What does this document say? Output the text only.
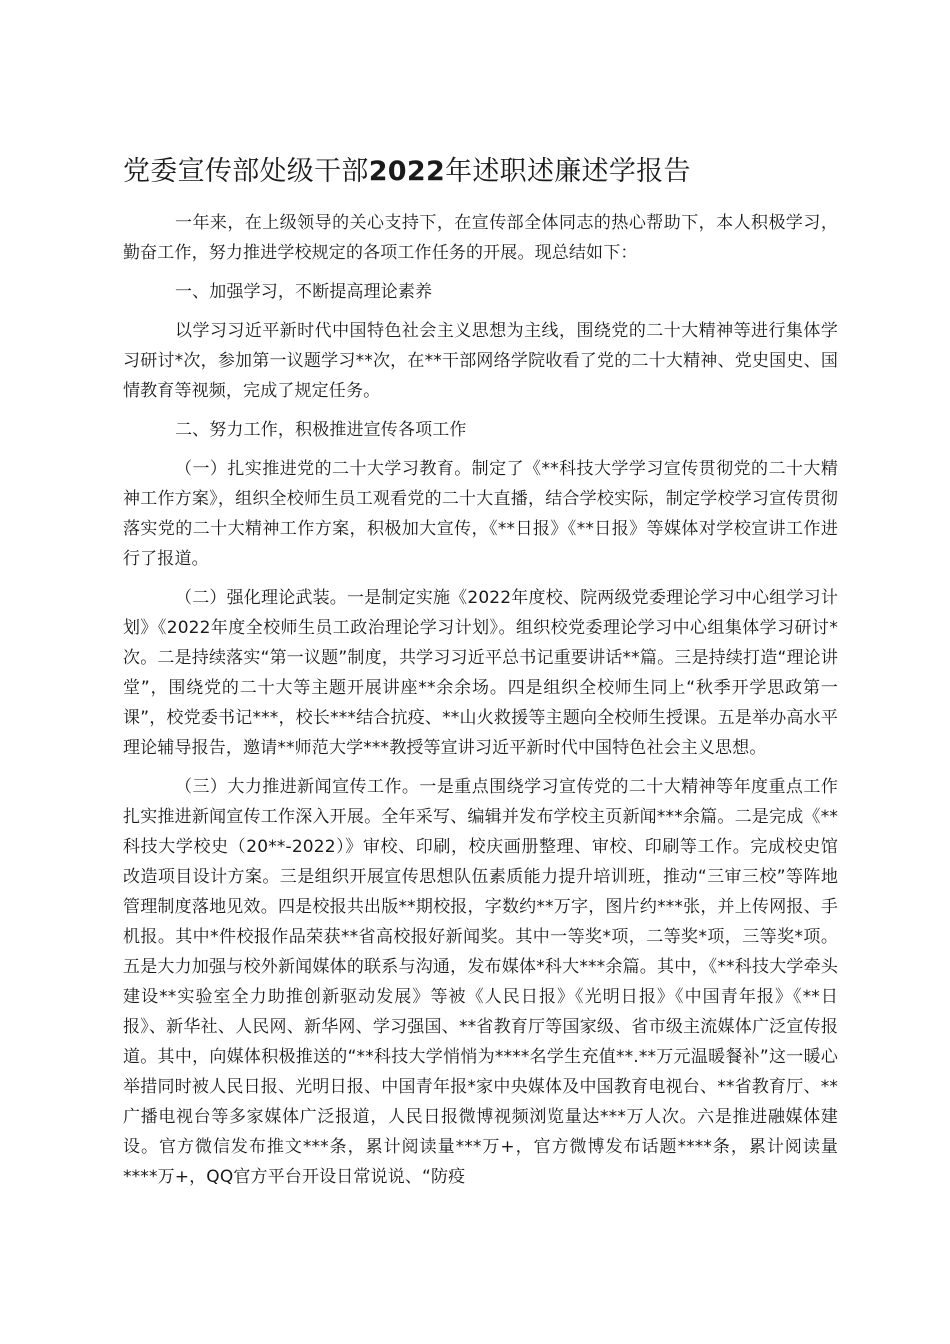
党委宣传部处级干部2022年述职述廉述学报告

一年来，在上级领导的关心支持下，在宣传部全体同志的热心帮助下，本人积极学习，勤奋工作，努力推进学校规定的各项工作任务的开展。现总结如下：

一、加强学习，不断提高理论素养

以学习习近平新时代中国特色社会主义思想为主线，围绕党的二十大精神等进行集体学习研讨*次，参加第一议题学习**次，在**干部网络学院收看了党的二十大精神、党史国史、国情教育等视频，完成了规定任务。

二、努力工作，积极推进宣传各项工作

（一）扎实推进党的二十大学习教育。制定了《**科技大学学习宣传贯彻党的二十大精神工作方案》，组织全校师生员工观看党的二十大直播，结合学校实际，制定学校学习宣传贯彻落实党的二十大精神工作方案，积极加大宣传，《**日报》《**日报》等媒体对学校宣讲工作进行了报道。

（二）强化理论武装。一是制定实施《2022年度校、院两级党委理论学习中心组学习计划》《2022年度全校师生员工政治理论学习计划》。组织校党委理论学习中心组集体学习研讨*次。二是持续落实“第一议题”制度，共学习习近平总书记重要讲话**篇。三是持续打造“理论讲堂”，围绕党的二十大等主题开展讲座**余余场。四是组织全校师生同上“秋季开学思政第一课”，校党委书记***，校长***结合抗疫、**山火救援等主题向全校师生授课。五是举办高水平理论辅导报告，邀请**师范大学***教授等宣讲习近平新时代中国特色社会主义思想。

（三）大力推进新闻宣传工作。一是重点围绕学习宣传党的二十大精神等年度重点工作扎实推进新闻宣传工作深入开展。全年采写、编辑并发布学校主页新闻***余篇。二是完成《**科技大学校史（20**-2022）》审校、印刷，校庆画册整理、审校、印刷等工作。完成校史馆改造项目设计方案。三是组织开展宣传思想队伍素质能力提升培训班，推动“三审三校”等阵地管理制度落地见效。四是校报共出版**期校报，字数约**万字，图片约***张，并上传网报、手机报。其中*件校报作品荣获**省高校报好新闻奖。其中一等奖*项，二等奖*项，三等奖*项。五是大力加强与校外新闻媒体的联系与沟通，发布媒体*科大***余篇。其中，《**科技大学牵头建设**实验室全力助推创新驱动发展》等被《人民日报》《光明日报》《中国青年报》《**日报》、新华社、人民网、新华网、学习强国、**省教育厅等国家级、省市级主流媒体广泛宣传报道。其中，向媒体积极推送的“**科技大学悄悄为****名学生充值**.**万元温暖餐补”这一暖心举措同时被人民日报、光明日报、中国青年报*家中央媒体及中国教育电视台、**省教育厅、**广播电视台等多家媒体广泛报道，人民日报微博视频浏览量达***万人次。六是推进融媒体建设。官方微信发布推文***条，累计阅读量***万+，官方微博发布话题****条，累计阅读量****万+，QQ官方平台开设日常说说、“防疫
